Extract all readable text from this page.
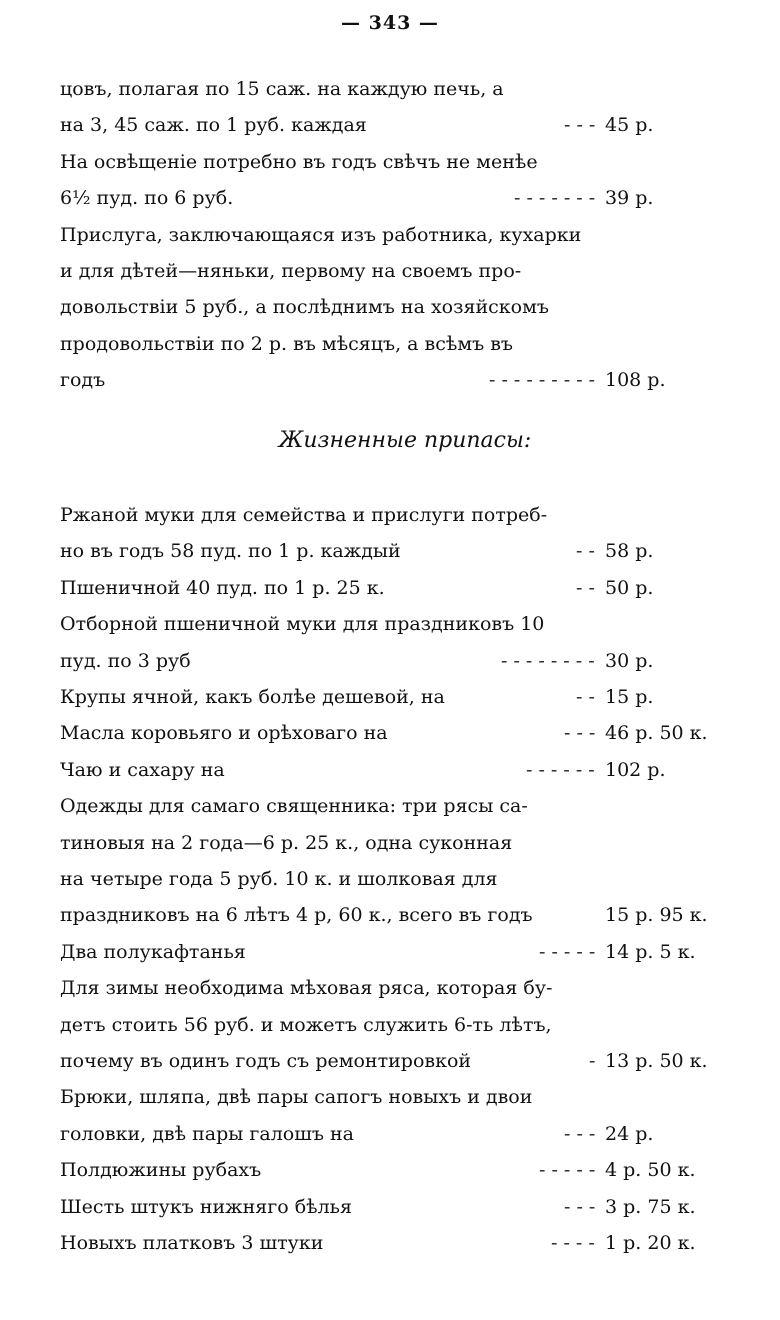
— 343 —
цовъ, полагая по 15 саж. на каждую печь, а
на 3, 45 саж. по 1 руб. каждая	- - - 45 р.
На освѣщеніе потребно въ годъ свѣчъ не менѣе
6½ пуд. по 6 руб.	- - - - - - - 39 р.
Прислуга, заключающаяся изъ работника, кухарки
и для дѣтей—няньки, первому на своемъ про-
довольствіи 5 руб., а послѣднимъ на хозяйскомъ
продовольствіи по 2 р. въ мѣсяцъ, а всѣмъ въ
годъ	- - - - - - - - - 108 р.
Жизненные припасы:
Ржаной муки для семейства и прислуги потреб-
но въ годъ 58 пуд. по 1 р. каждый	- - 58 р.
Пшеничной 40 пуд. по 1 р. 25 к.	- - 50 р.
Отборной пшеничной муки для праздниковъ 10
пуд. по 3 руб	- - - - - - - - 30 р.
Крупы ячной, какъ болѣе дешевой, на	- - 15 р.
Масла коровьяго и орѣховаго на	- - - 46 р. 50 к.
Чаю и сахару на	- - - - - - 102 р.
Одежды для самаго священника: три рясы са-
тиновыя на 2 года—6 р. 25 к., одна суконная
на четыре года 5 руб. 10 к. и шолковая для
праздниковъ на 6 лѣтъ 4 р, 60 к., всего въ годъ	15 р. 95 к.
Два полукафтанья	- - - - - 14 р. 5 к.
Для зимы необходима мѣховая ряса, которая бу-
детъ стоить 56 руб. и можетъ служить 6-ть лѣтъ,
почему въ одинъ годъ съ ремонтировкой	- 13 р. 50 к.
Брюки, шляпа, двѣ пары сапогъ новыхъ и двои
головки, двѣ пары галошъ на	- - - 24 р.
Полдюжины рубахъ	- - - - - 4 р. 50 к.
Шесть штукъ нижняго бѣлья	- - - 3 р. 75 к.
Новыхъ платковъ 3 штуки	- - - - 1 р. 20 к.
